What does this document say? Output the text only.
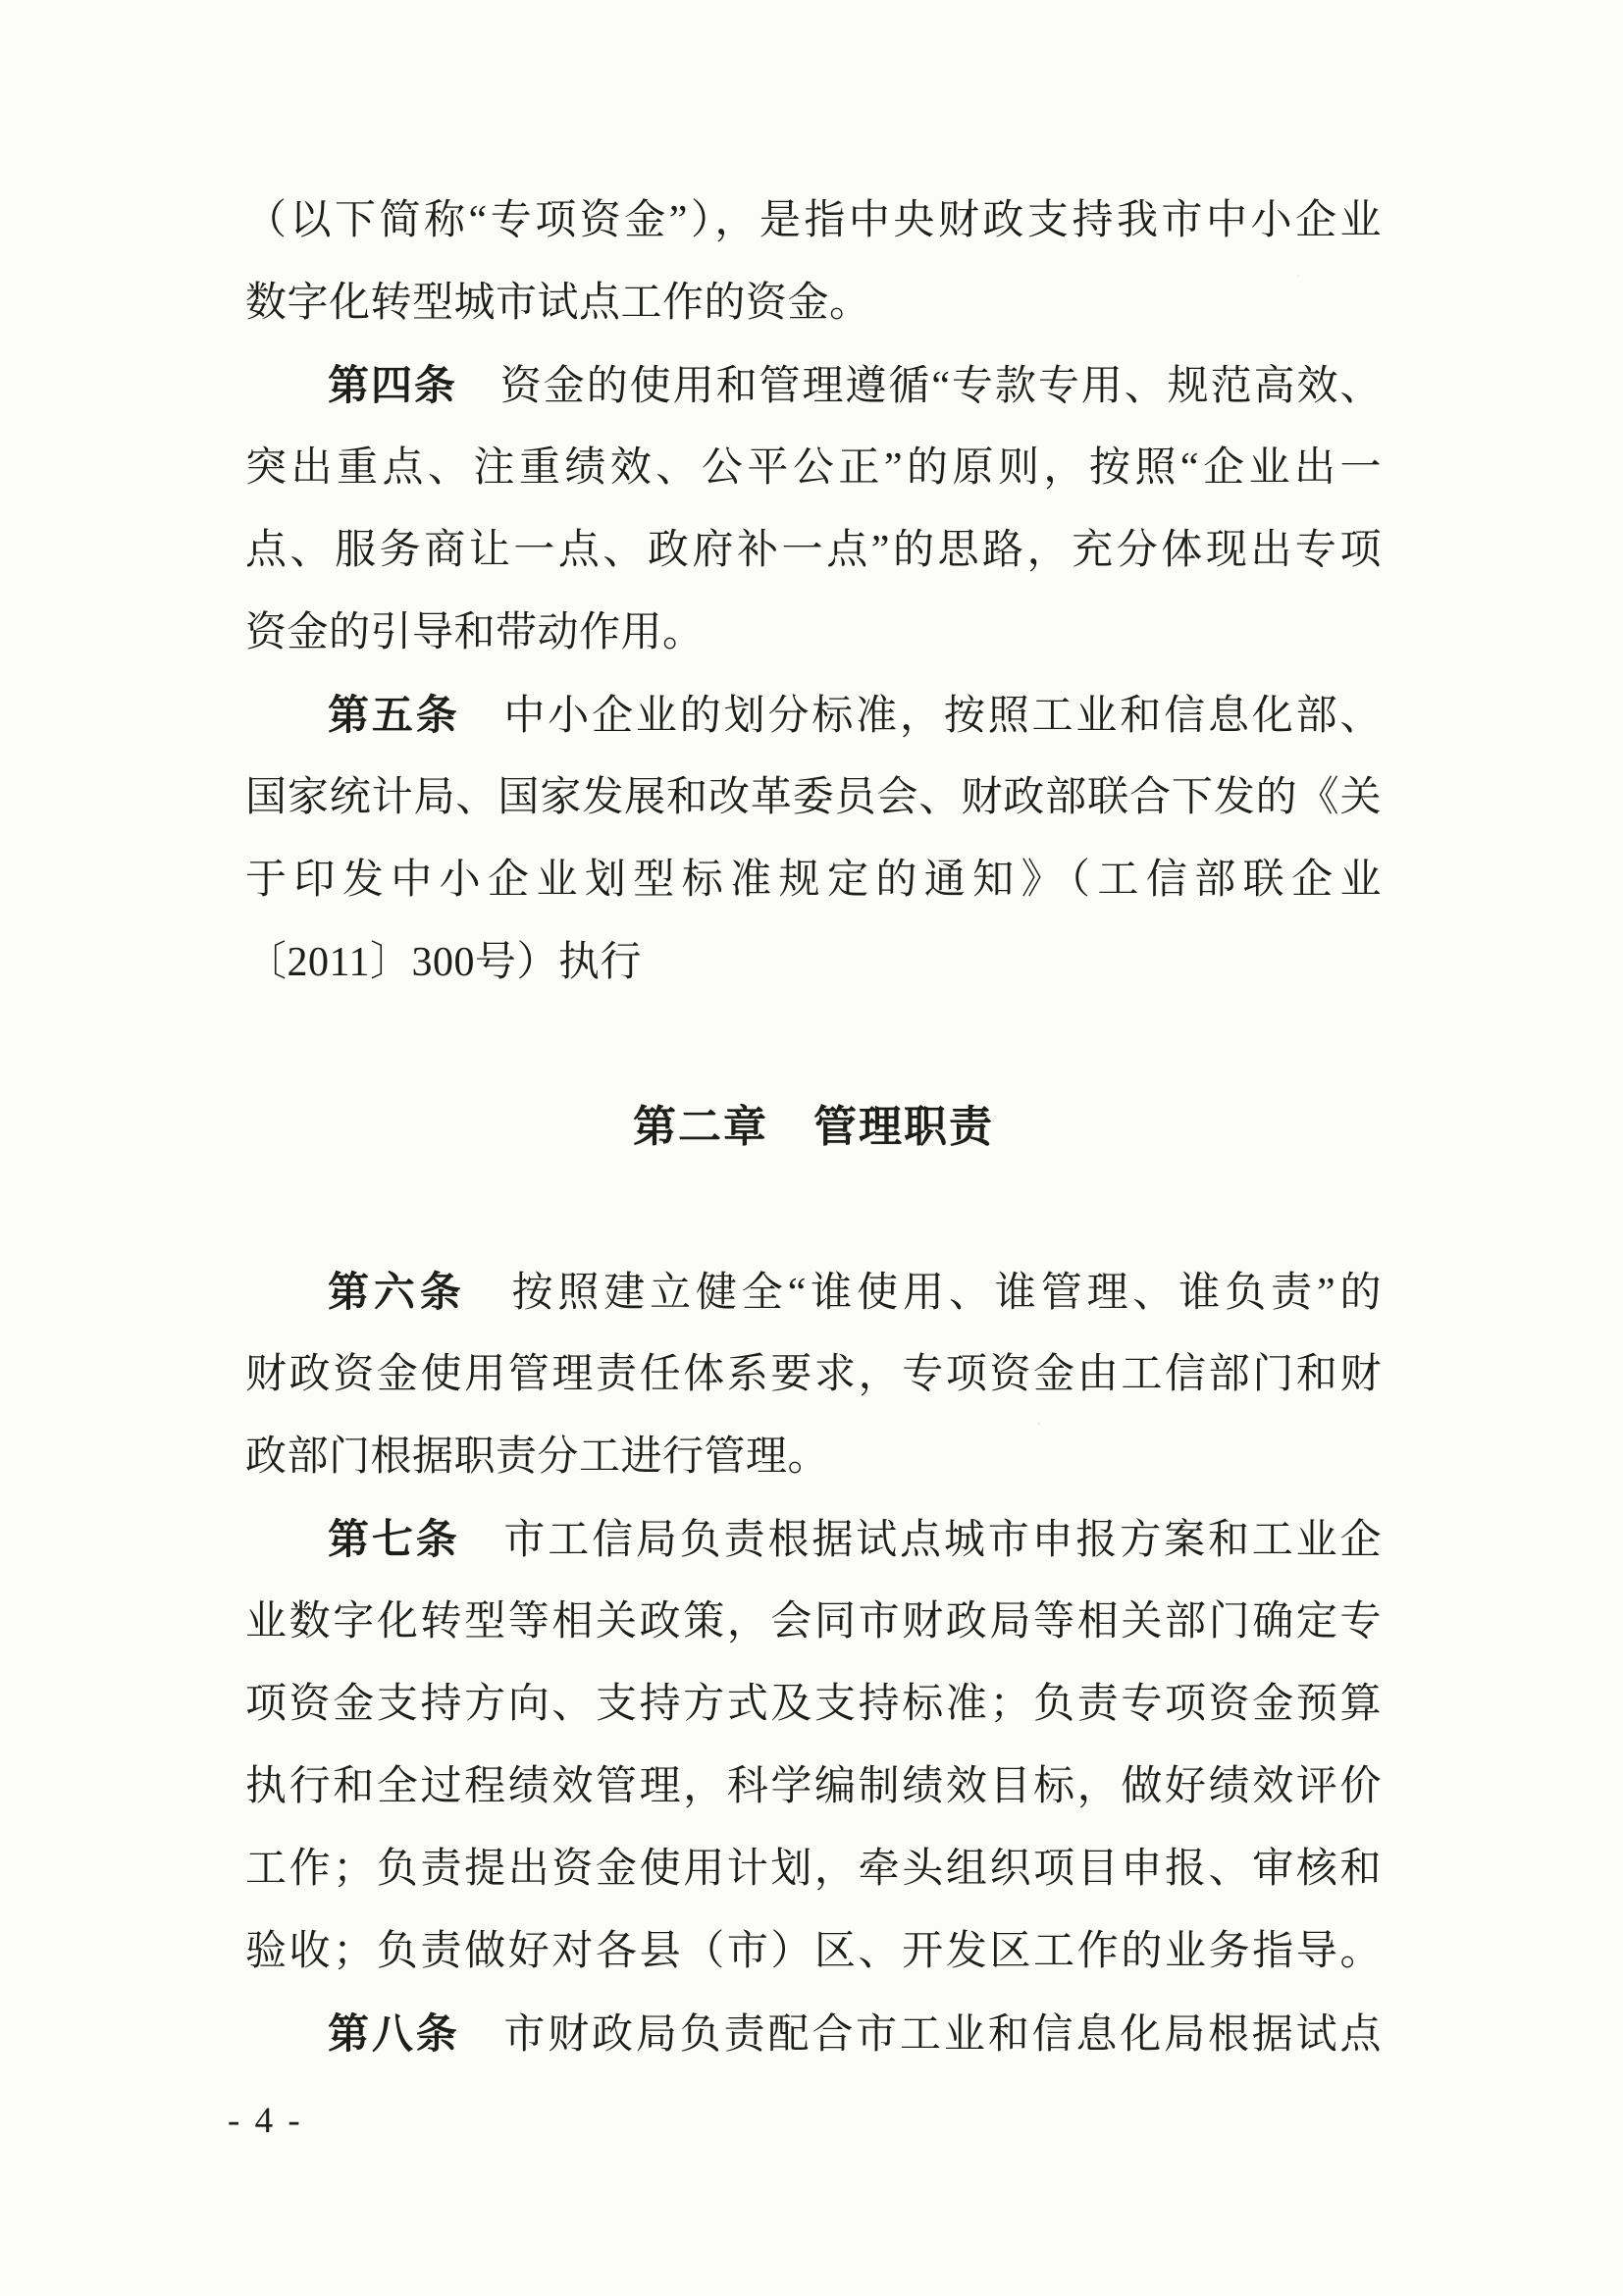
（以下简称“专项资金”），是指中央财政支持我市中小企业
数字化转型城市试点工作的资金。
第四条　资金的使用和管理遵循“专款专用、规范高效、
突出重点、注重绩效、公平公正”的原则，按照“企业出一
点、服务商让一点、政府补一点”的思路，充分体现出专项
资金的引导和带动作用。
第五条　中小企业的划分标准，按照工业和信息化部、
国家统计局、国家发展和改革委员会、财政部联合下发的《关
于印发中小企业划型标准规定的通知》（工信部联企业
〔2011〕300号）执行
第二章　管理职责
第六条　按照建立健全“谁使用、谁管理、谁负责”的
财政资金使用管理责任体系要求，专项资金由工信部门和财
政部门根据职责分工进行管理。
第七条　市工信局负责根据试点城市申报方案和工业企
业数字化转型等相关政策，会同市财政局等相关部门确定专
项资金支持方向、支持方式及支持标准；负责专项资金预算
执行和全过程绩效管理，科学编制绩效目标，做好绩效评价
工作；负责提出资金使用计划，牵头组织项目申报、审核和
验收；负责做好对各县（市）区、开发区工作的业务指导。
第八条　市财政局负责配合市工业和信息化局根据试点
- 4 -
